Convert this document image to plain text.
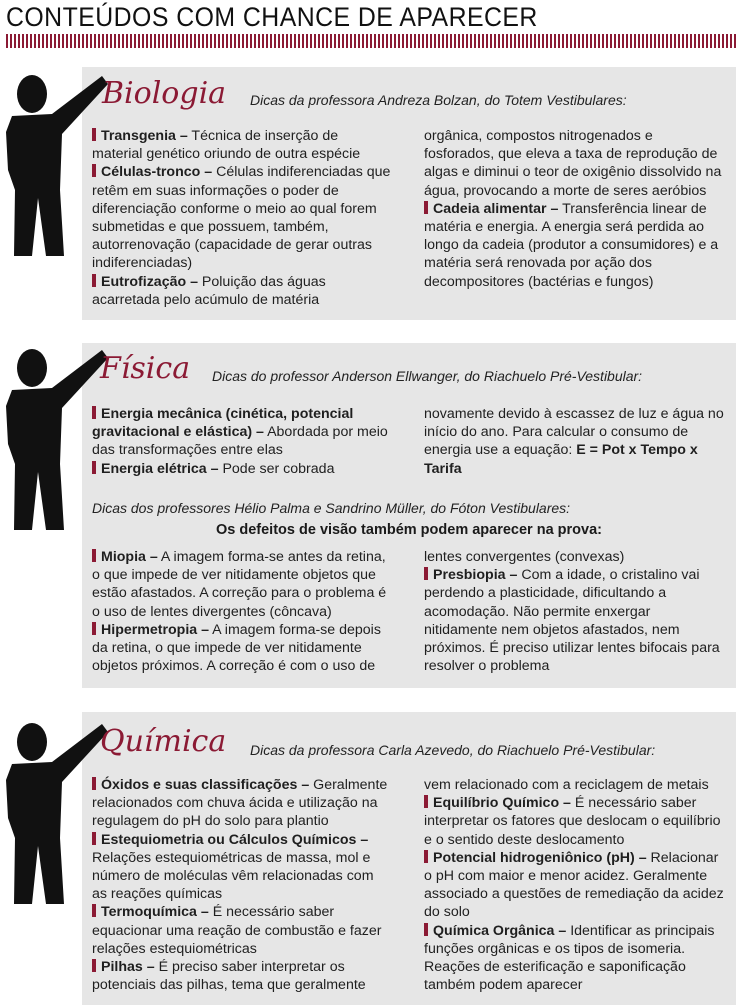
CONTEÚDOS COM CHANCE DE APARECER
Biologia Dicas da professora Andreza Bolzan, do Totem Vestibulares:

Transgenia – Técnica de inserção de material genético oriundo de outra espécie

Células-tronco – Células indiferenciadas que retêm em suas informações o poder de diferenciação conforme o meio ao qual forem submetidas e que possuem, também, autorrenovação (capacidade de gerar outras indiferenciadas)

Eutrofização – Poluição das águas acarretada pelo acúmulo de matéria

orgânica, compostos nitrogenados e fosforados, que eleva a taxa de reprodução de algas e diminui o teor de oxigênio dissolvido na água, provocando a morte de seres aeróbios

Cadeia alimentar – Transferência linear de matéria e energia. A energia será perdida ao longo da cadeia (produtor a consumidores) e a matéria será renovada por ação dos decompositores (bactérias e fungos)

Física Dicas do professor Anderson Ellwanger, do Riachuelo Pré-Vestibular:

Energia mecânica (cinética, potencial gravitacional e elástica) – Abordada por meio das transformações entre elas

Energia elétrica – Pode ser cobrada

novamente devido à escassez de luz e água no início do ano. Para calcular o consumo de energia use a equação: E = Pot x Tempo x Tarifa

Dicas dos professores Hélio Palma e Sandrino Müller, do Fóton Vestibulares:
Os defeitos de visão também podem aparecer na prova:

Miopia – A imagem forma-se antes da retina, o que impede de ver nitidamente objetos que estão afastados. A correção para o problema é o uso de lentes divergentes (côncava)

Hipermetropia – A imagem forma-se depois da retina, o que impede de ver nitidamente objetos próximos. A correção é com o uso de

lentes convergentes (convexas)

Presbiopia – Com a idade, o cristalino vai perdendo a plasticidade, dificultando a acomodação. Não permite enxergar nitidamente nem objetos afastados, nem próximos. É preciso utilizar lentes bifocais para resolver o problema

Química Dicas da professora Carla Azevedo, do Riachuelo Pré-Vestibular:

Óxidos e suas classificações – Geralmente relacionados com chuva ácida e utilização na regulagem do pH do solo para plantio

Estequiometria ou Cálculos Químicos – Relações estequiométricas de massa, mol e número de moléculas vêm relacionadas com as reações químicas

Termoquímica – É necessário saber equacionar uma reação de combustão e fazer relações estequiométricas

Pilhas – É preciso saber interpretar os potenciais das pilhas, tema que geralmente

vem relacionado com a reciclagem de metais

Equilíbrio Químico – É necessário saber interpretar os fatores que deslocam o equilíbrio e o sentido deste deslocamento

Potencial hidrogeniônico (pH) – Relacionar o pH com maior e menor acidez. Geralmente associado a questões de remediação da acidez do solo

Química Orgânica – Identificar as principais funções orgânicas e os tipos de isomeria. Reações de esterificação e saponificação também podem aparecer
